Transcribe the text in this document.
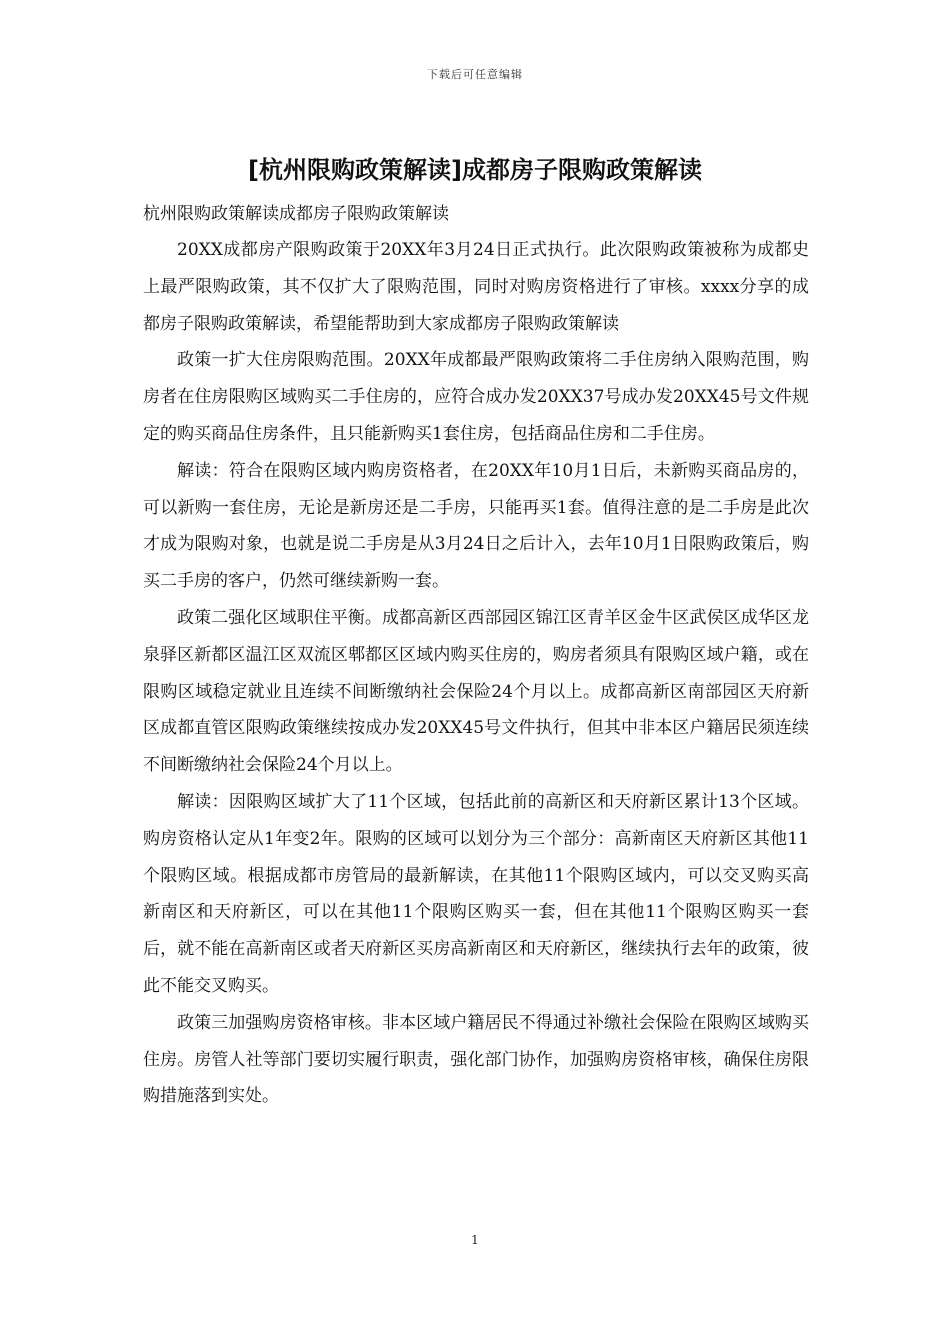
下载后可任意编辑
[杭州限购政策解读]成都房子限购政策解读

杭州限购政策解读成都房子限购政策解读

20XX成都房产限购政策于20XX年3月24日正式执行。此次限购政策被称为成都史上最严限购政策，其不仅扩大了限购范围，同时对购房资格进行了审核。xxxx分享的成都房子限购政策解读，希望能帮助到大家成都房子限购政策解读

政策一扩大住房限购范围。20XX年成都最严限购政策将二手住房纳入限购范围，购房者在住房限购区域购买二手住房的，应符合成办发20XX37号成办发20XX45号文件规定的购买商品住房条件，且只能新购买1套住房，包括商品住房和二手住房。

解读：符合在限购区域内购房资格者，在20XX年10月1日后，未新购买商品房的，可以新购一套住房，无论是新房还是二手房，只能再买1套。值得注意的是二手房是此次才成为限购对象，也就是说二手房是从3月24日之后计入，去年10月1日限购政策后，购买二手房的客户，仍然可继续新购一套。

政策二强化区域职住平衡。成都高新区西部园区锦江区青羊区金牛区武侯区成华区龙泉驿区新都区温江区双流区郫都区区域内购买住房的，购房者须具有限购区域户籍，或在限购区域稳定就业且连续不间断缴纳社会保险24个月以上。成都高新区南部园区天府新区成都直管区限购政策继续按成办发20XX45号文件执行，但其中非本区户籍居民须连续不间断缴纳社会保险24个月以上。

解读：因限购区域扩大了11个区域，包括此前的高新区和天府新区累计13个区域。购房资格认定从1年变2年。限购的区域可以划分为三个部分：高新南区天府新区其他11个限购区域。根据成都市房管局的最新解读，在其他11个限购区域内，可以交叉购买高新南区和天府新区，可以在其他11个限购区购买一套，但在其他11个限购区购买一套后，就不能在高新南区或者天府新区买房高新南区和天府新区，继续执行去年的政策，彼此不能交叉购买。

政策三加强购房资格审核。非本区域户籍居民不得通过补缴社会保险在限购区域购买住房。房管人社等部门要切实履行职责，强化部门协作，加强购房资格审核，确保住房限购措施落到实处。

1
